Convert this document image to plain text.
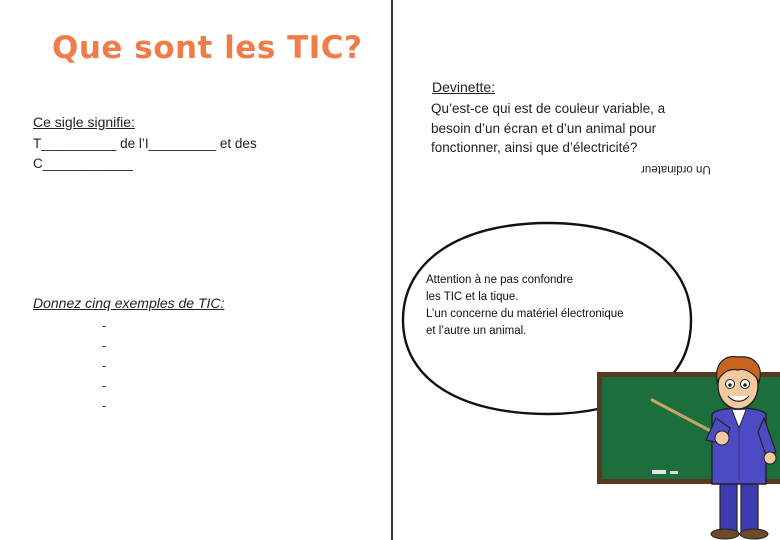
Que sont les TIC?
Ce sigle signifie:
T__________ de l’I_________ et des
C____________
Donnez cinq exemples de TIC:
-
-
-
-
-
Devinette:
Qu’est-ce qui est de couleur variable, a
besoin d’un écran et d’un animal pour
fonctionner, ainsi que d’électricité?
Un ordinateur
Attention à ne pas confondre
les TIC et la tique.
L’un concerne du matériel électronique
et l’autre un animal.
